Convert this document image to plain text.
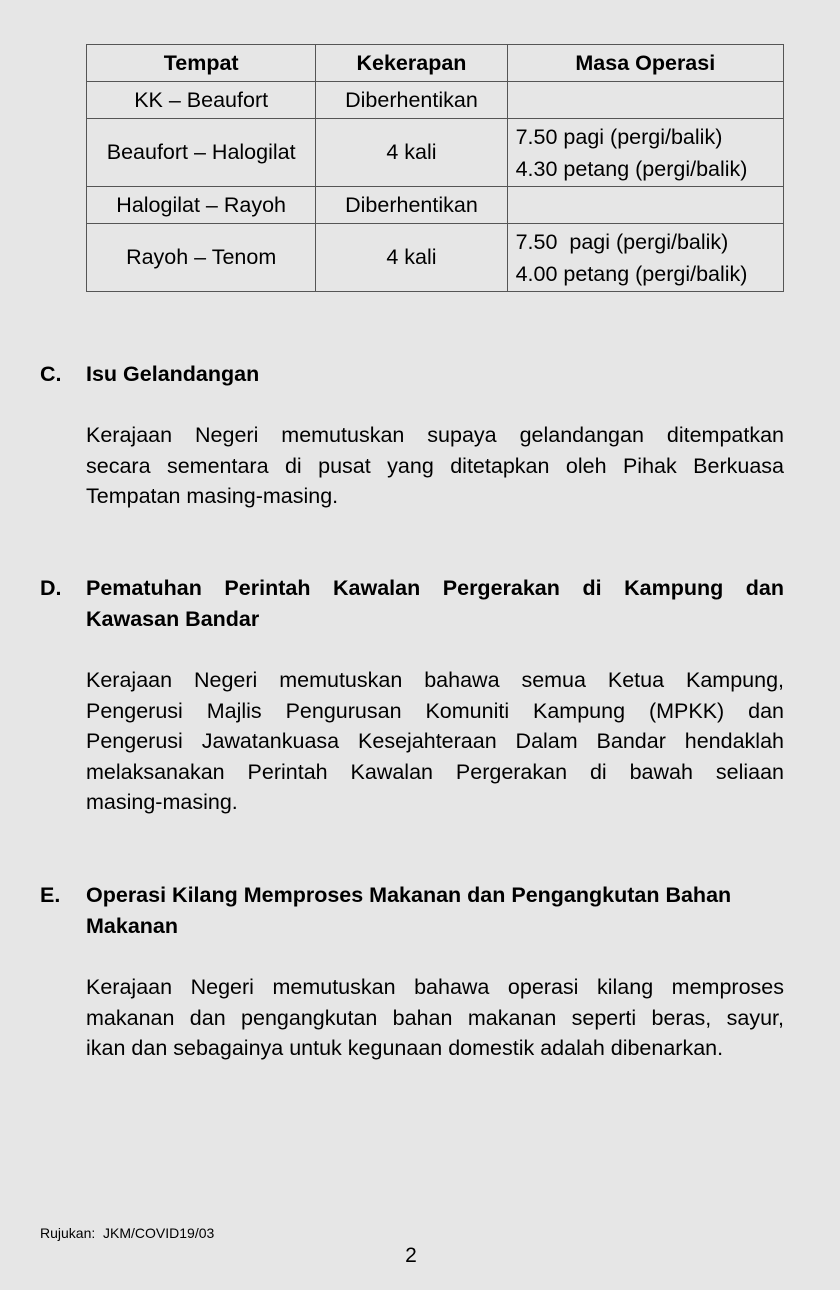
Tempat	Kekerapan	Masa Operasi
KK – Beaufort	Diberhentikan	
Beaufort – Halogilat	4 kali	7.50 pagi (pergi/balik)
4.30 petang (pergi/balik)

Halogilat – Rayoh	Diberhentikan	
Rayoh – Tenom	4 kali	7.50  pagi (pergi/balik)
4.00 petang (pergi/balik)
C.	Isu Gelandangan
Kerajaan Negeri memutuskan supaya gelandangan ditempatkan
secara sementara di pusat yang ditetapkan oleh Pihak Berkuasa
Tempatan masing-masing.
D.	Pematuhan Perintah Kawalan Pergerakan di Kampung dan
Kawasan Bandar
Kerajaan Negeri memutuskan bahawa semua Ketua Kampung,
Pengerusi Majlis Pengurusan Komuniti Kampung (MPKK) dan
Pengerusi Jawatankuasa Kesejahteraan Dalam Bandar hendaklah
melaksanakan Perintah Kawalan Pergerakan di bawah seliaan
masing-masing.
E.	Operasi Kilang Memproses Makanan dan Pengangkutan Bahan
Makanan
Kerajaan Negeri memutuskan bahawa operasi kilang memproses
makanan dan pengangkutan bahan makanan seperti beras, sayur,
ikan dan sebagainya untuk kegunaan domestik adalah dibenarkan.
Rujukan:  JKM/COVID19/03
2
